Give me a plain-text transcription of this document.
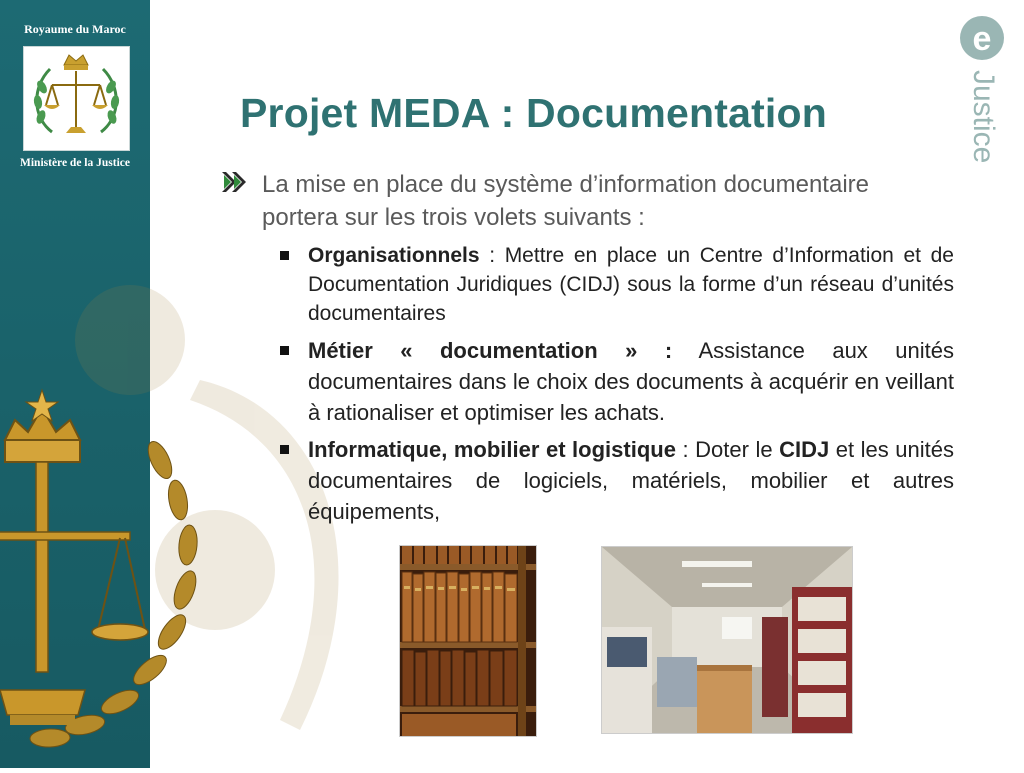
Royaume du Maroc
Ministère de la Justice
e
Justice
Projet MEDA : Documentation
La mise en place du système d’information documentaire portera sur les trois volets suivants :

Organisationnels : Mettre en place un Centre d’Information et de Documentation Juridiques (CIDJ) sous la forme d’un réseau d’unités documentaires

Métier « documentation » : Assistance aux unités documentaires dans le choix des documents à acquérir en veillant à rationaliser et optimiser les achats.

Informatique, mobilier et logistique : Doter le CIDJ et les unités documentaires de logiciels, matériels, mobilier et autres équipements,
